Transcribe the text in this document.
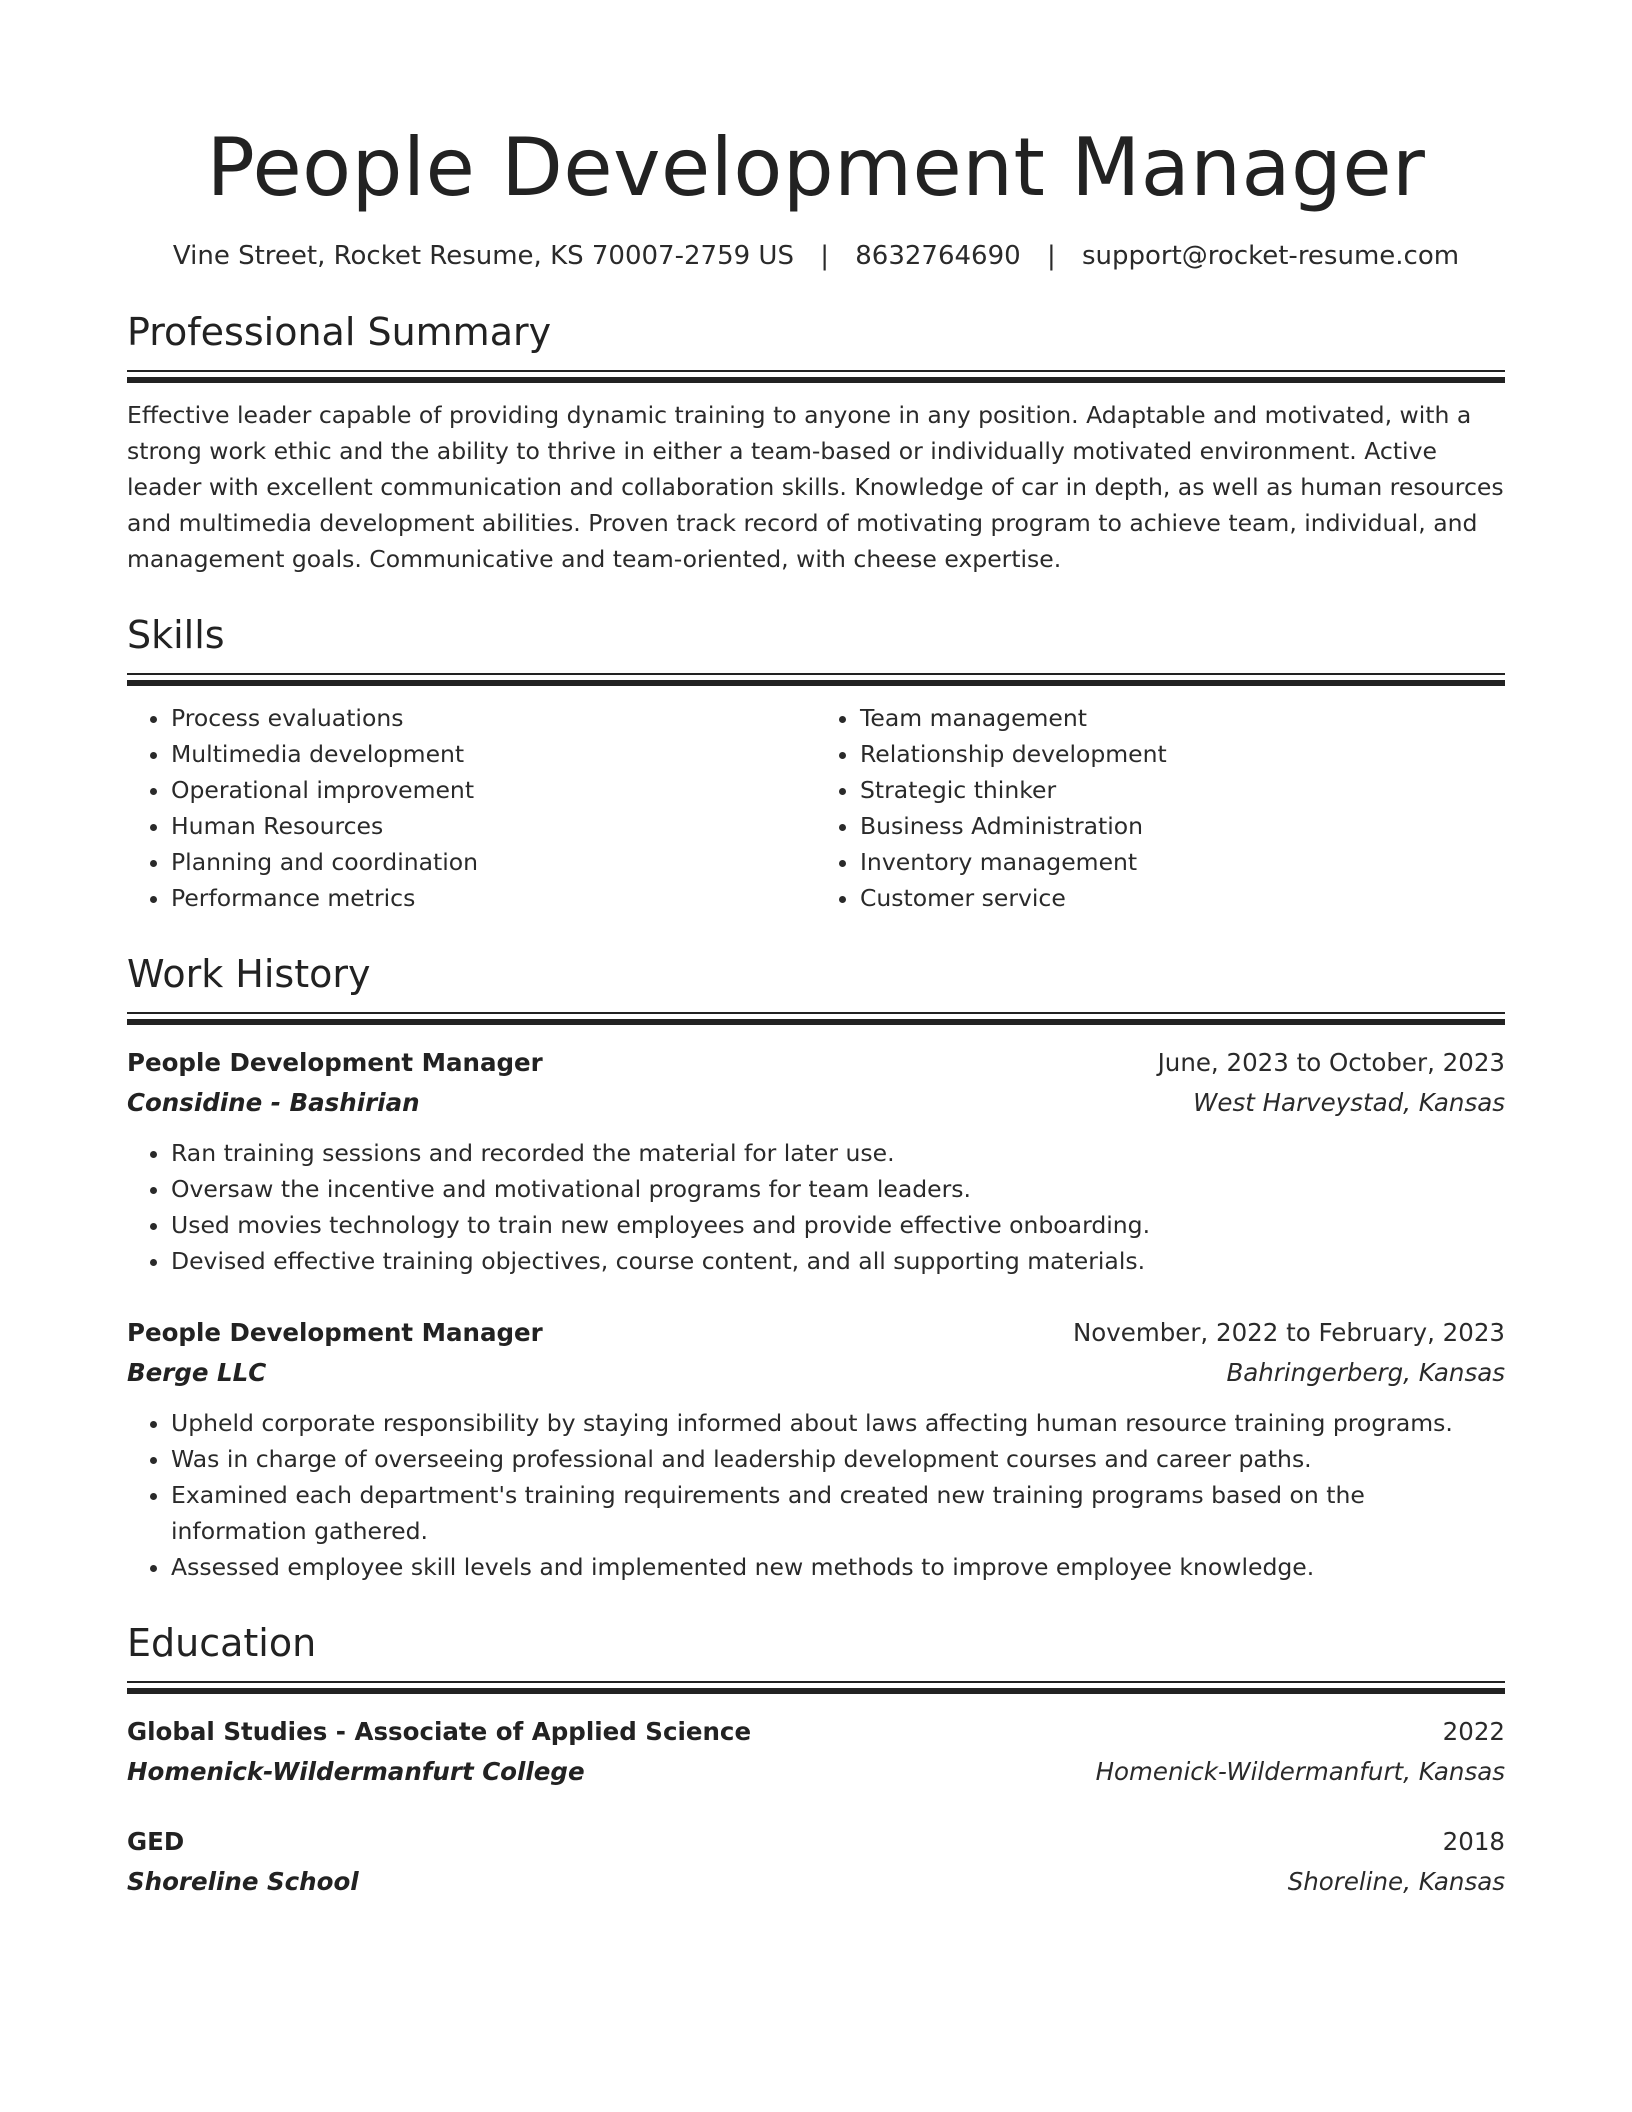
People Development Manager
Vine Street, Rocket Resume, KS 70007-2759 US | 8632764690 | support@rocket-resume.com
Professional Summary
Effective leader capable of providing dynamic training to anyone in any position. Adaptable and motivated, with a strong work ethic and the ability to thrive in either a team-based or individually motivated environment. Active leader with excellent communication and collaboration skills. Knowledge of car in depth, as well as human resources and multimedia development abilities. Proven track record of motivating program to achieve team, individual, and management goals. Communicative and team-oriented, with cheese expertise.
Skills
• Process evaluations
• Multimedia development
• Operational improvement
• Human Resources
• Planning and coordination
• Performance metrics
• Team management
• Relationship development
• Strategic thinker
• Business Administration
• Inventory management
• Customer service
Work History
People Development Manager	June, 2023 to October, 2023
Considine - Bashirian	West Harveystad, Kansas
• Ran training sessions and recorded the material for later use.
• Oversaw the incentive and motivational programs for team leaders.
• Used movies technology to train new employees and provide effective onboarding.
• Devised effective training objectives, course content, and all supporting materials.
People Development Manager	November, 2022 to February, 2023
Berge LLC	Bahringerberg, Kansas
• Upheld corporate responsibility by staying informed about laws affecting human resource training programs.
• Was in charge of overseeing professional and leadership development courses and career paths.
• Examined each department's training requirements and created new training programs based on the information gathered.
• Assessed employee skill levels and implemented new methods to improve employee knowledge.
Education
Global Studies - Associate of Applied Science	2022
Homenick-Wildermanfurt College	Homenick-Wildermanfurt, Kansas
GED	2018
Shoreline School	Shoreline, Kansas
